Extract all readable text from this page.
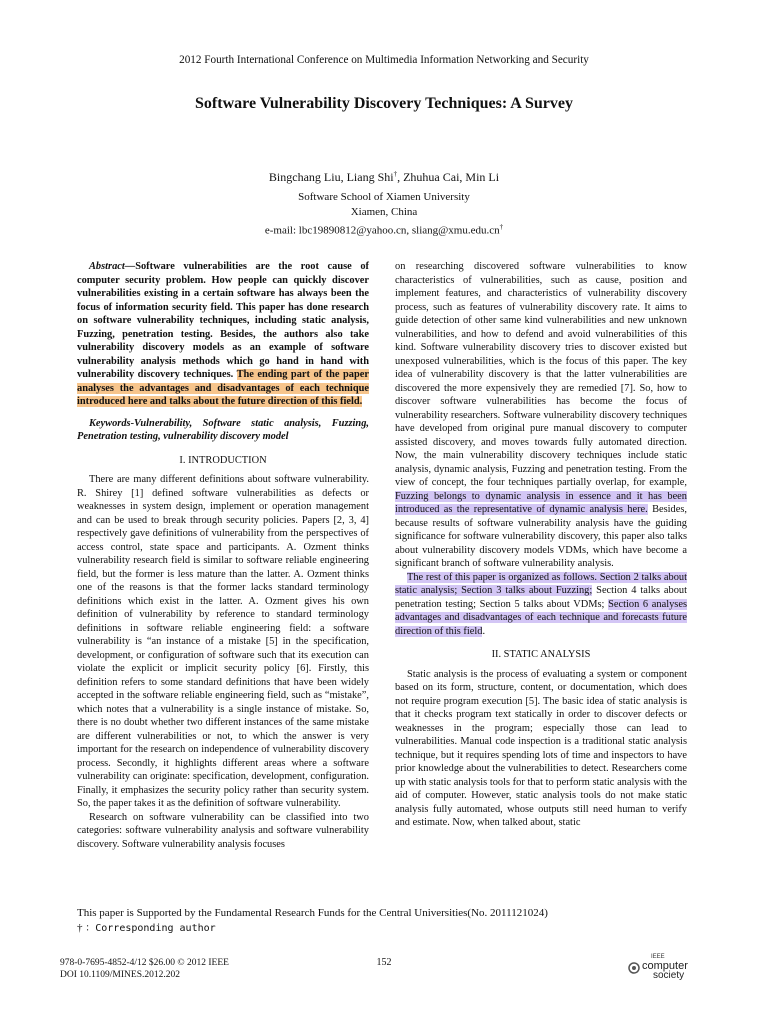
2012 Fourth International Conference on Multimedia Information Networking and Security
Software Vulnerability Discovery Techniques: A Survey
Bingchang Liu, Liang Shi†, Zhuhua Cai, Min Li
Software School of Xiamen University
Xiamen, China
e-mail: lbc19890812@yahoo.cn, sliang@xmu.edu.cn†

Abstract—Software vulnerabilities are the root cause of computer security problem. How people can quickly discover vulnerabilities existing in a certain software has always been the focus of information security field. This paper has done research on software vulnerability techniques, including static analysis, Fuzzing, penetration testing. Besides, the authors also take vulnerability discovery models as an example of software vulnerability analysis methods which go hand in hand with vulnerability discovery techniques. The ending part of the paper analyses the advantages and disadvantages of each technique introduced here and talks about the future direction of this field.

Keywords-Vulnerability, Software static analysis, Fuzzing, Penetration testing, vulnerability discovery model

I. INTRODUCTION

There are many different definitions about software vulnerability. R. Shirey [1] defined software vulnerabilities as defects or weaknesses in system design, implement or operation management and can be used to break through security policies. Papers [2, 3, 4] respectively gave definitions of vulnerability from the perspectives of access control, state space and participants. A. Ozment thinks vulnerability research field is similar to software reliable engineering field, but the former is less mature than the latter. A. Ozment thinks one of the reasons is that the former lacks standard terminology definitions which exist in the latter. A. Ozment gives his own definition of vulnerability by reference to standard terminology definitions in software reliable engineering field: a software vulnerability is “an instance of a mistake [5] in the specification, development, or configuration of software such that its execution can violate the explicit or implicit security policy [6]. Firstly, this definition refers to some standard definitions that have been widely accepted in the software reliable engineering field, such as “mistake”, which notes that a vulnerability is a single instance of mistake. So, there is no doubt whether two different instances of the same mistake are different vulnerabilities or not, to which the answer is very important for the research on independence of vulnerability discovery process. Secondly, it highlights different areas where a software vulnerability can originate: specification, development, configuration. Finally, it emphasizes the security policy rather than security system. So, the paper takes it as the definition of software vulnerability.

Research on software vulnerability can be classified into two categories: software vulnerability analysis and software vulnerability discovery. Software vulnerability analysis focuses

on researching discovered software vulnerabilities to know characteristics of vulnerabilities, such as cause, position and implement features, and characteristics of vulnerability discovery process, such as features of vulnerability discovery rate. It aims to guide detection of other same kind vulnerabilities and new unknown vulnerabilities, and how to defend and avoid vulnerabilities of this kind. Software vulnerability discovery tries to discover existed but unexposed vulnerabilities, which is the focus of this paper. The key idea of vulnerability discovery is that the latter vulnerabilities are discovered the more expensively they are remedied [7]. So, how to discover software vulnerabilities has become the focus of vulnerability researchers. Software vulnerability discovery techniques have developed from original pure manual discovery to computer assisted discovery, and moves towards fully automated direction. Now, the main vulnerability discovery techniques include static analysis, dynamic analysis, Fuzzing and penetration testing. From the view of concept, the four techniques partially overlap, for example, Fuzzing belongs to dynamic analysis in essence and it has been introduced as the representative of dynamic analysis here. Besides, because results of software vulnerability analysis have the guiding significance for software vulnerability discovery, this paper also talks about vulnerability discovery models VDMs, which have become a significant branch of software vulnerability analysis.

The rest of this paper is organized as follows. Section 2 talks about static analysis; Section 3 talks about Fuzzing; Section 4 talks about penetration testing; Section 5 talks about VDMs; Section 6 analyses advantages and disadvantages of each technique and forecasts future direction of this field.

II. STATIC ANALYSIS

Static analysis is the process of evaluating a system or component based on its form, structure, content, or documentation, which does not require program execution [5]. The basic idea of static analysis is that it checks program text statically in order to discover defects or weaknesses in the program; especially those can lead to vulnerabilities. Manual code inspection is a traditional static analysis technique, but it requires spending lots of time and inspectors to have prior knowledge about the vulnerabilities to detect. Researchers come up with static analysis tools for that to perform static analysis with the aid of computer. However, static analysis tools do not make static analysis fully automated, whose outputs still need human to verify and estimate. Now, when talked about, static

This paper is Supported by the Fundamental Research Funds for the Central Universities(No. 2011121024)
† ：Corresponding author
978-0-7695-4852-4/12 $26.00 © 2012 IEEE
DOI 10.1109/MINES.2012.202
152	IEEE
computer
society
